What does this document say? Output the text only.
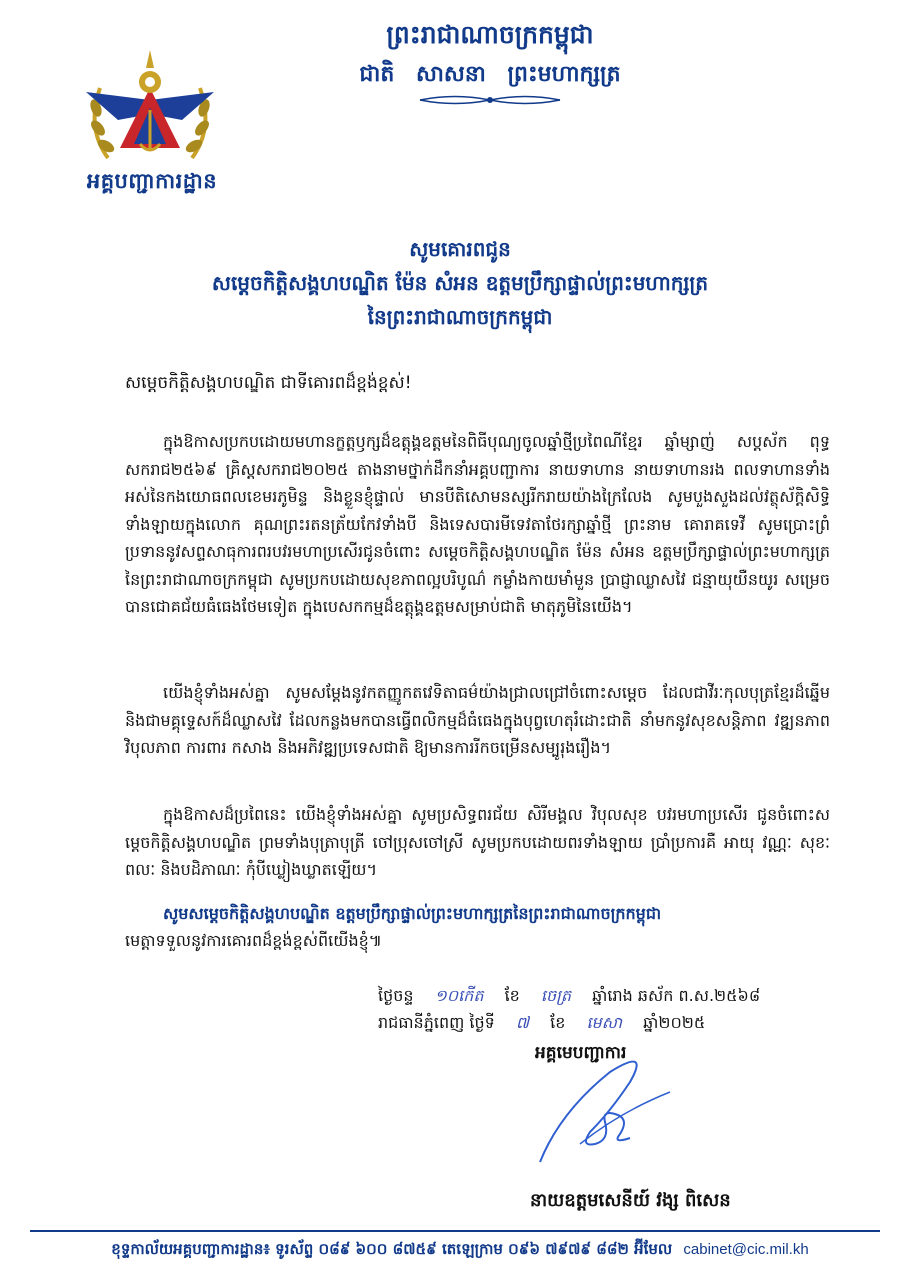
អគ្គបញ្ជាការដ្ឋាន
ព្រះរាជាណាចក្រកម្ពុជា
ជាតិ សាសនា ព្រះមហាក្សត្រ
សូមគោរពជូន
សម្តេចកិត្តិសង្គហបណ្ឌិត ម៉ែន សំអន ឧត្តមប្រឹក្សាផ្ទាល់ព្រះមហាក្សត្រ
នៃព្រះរាជាណាចក្រកម្ពុជា
សម្តេចកិត្តិសង្គហបណ្ឌិត ជាទីគោរពដ៏ខ្ពង់ខ្ពស់!
ក្នុងឱកាសប្រកបដោយមហានក្ខត្តឫក្សដ៏ឧត្តុង្គឧត្តមនៃពិធីបុណ្យចូលឆ្នាំថ្មីប្រពៃណីខ្មែរ ឆ្នាំម្សាញ់ សប្តស័ក ពុទ្ធសករាជ២៥៦៩ គ្រិស្តសករាជ២០២៥ តាងនាមថ្នាក់ដឹកនាំអគ្គបញ្ជាការ នាយទាហាន នាយទាហានរង ពលទាហានទាំងអស់នៃកងយោធពលខេមរភូមិន្ទ និងខ្លួនខ្ញុំផ្ទាល់ មានបីតិសោមនស្សរីករាយយ៉ាងក្រៃលែង សូមបួងសួងដល់វត្ថុស័ក្តិសិទ្ធិទាំងឡាយក្នុងលោក គុណព្រះរតនត្រ័យកែវទាំងបី និងទេសបារមីទេវតាថែរក្សាឆ្នាំថ្មី ព្រះនាម គោរាគទេវី សូមប្រោះព្រំប្រទាននូវសព្ទសាធុការពរបវរមហាប្រសើរជូនចំពោះ សម្តេចកិត្តិសង្គហបណ្ឌិត ម៉ែន សំអន ឧត្តមប្រឹក្សាផ្ទាល់ព្រះមហាក្សត្រនៃព្រះរាជាណាចក្រកម្ពុជា សូមប្រកបដោយសុខភាពល្អបរិបូណ៌ កម្លាំងកាយមាំមួន ប្រាជ្ញាឈ្លាសវៃ ជន្មាយុយឺនយូរ សម្រេចបានជោគជ័យធំធេងថែមទៀត ក្នុងបេសកកម្មដ៏ឧត្តុង្គឧត្តមសម្រាប់ជាតិ មាតុភូមិនៃយើង។
យើងខ្ញុំទាំងអស់គ្នា សូមសម្តែងនូវកតញ្ញូកតវេទិតាធម៌យ៉ាងជ្រាលជ្រៅចំពោះសម្តេច ដែលជាវីរៈកុលបុត្រខ្មែរដ៏ឆ្នើម និងជាមគ្គុទ្ទេសក៍ដ៏ឈ្លាសវៃ ដែលកន្លងមកបានធ្វើពលិកម្មដ៏ធំធេងក្នុងបុព្វហេតុរំដោះជាតិ នាំមកនូវសុខសន្តិភាព វឌ្ឍនភាព វិបុលភាព ការពារ កសាង និងអភិវឌ្ឍប្រទេសជាតិ ឱ្យមានការរីកចម្រើនសម្បូរុងរឿង។
ក្នុងឱកាសដ៏ប្រពៃនេះ យើងខ្ញុំទាំងអស់គ្នា សូមប្រសិទ្ធពរជ័យ សិរីមង្គល វិបុលសុខ បវរមហាប្រសើរ ជូនចំពោះសម្តេចកិត្តិសង្គហបណ្ឌិត ព្រមទាំងបុត្រាបុត្រី ចៅប្រុសចៅស្រី សូមប្រកបដោយពរទាំងឡាយ ប្រាំប្រការគឺ អាយុ វណ្ណៈ សុខៈ ពលៈ និងបដិភាណៈ កុំបីឃ្លៀងឃ្លាតឡើយ។
សូមសម្តេចកិត្តិសង្គហបណ្ឌិត ឧត្តមប្រឹក្សាផ្ទាល់ព្រះមហាក្សត្រនៃព្រះរាជាណាចក្រកម្ពុជា
មេត្តាទទួលនូវការគោរពដ៏ខ្ពង់ខ្ពស់ពីយើងខ្ញុំ៕
ថ្ងៃចន្ទ ១០កើត ខែ ចេត្រ ឆ្នាំរោង ឆស័ក ព.ស.២៥៦៨
រាជធានីភ្នំពេញ ថ្ងៃទី ៧ ខែ មេសា ឆ្នាំ២០២៥
អគ្គមេបញ្ជាការ
នាយឧត្តមសេនីយ៍ វង្ស ពិសេន
ខុទ្ទកាល័យអគ្គបញ្ជាការដ្ឋាន៖ ទូរស័ព្ទ ០៨៩ ៦០០ ៨៧៥៩ តេឡេក្រាម ០៩៦ ៧៩៧៩ ៨៨២ អ៊ីមែល cabinet@cic.mil.kh
